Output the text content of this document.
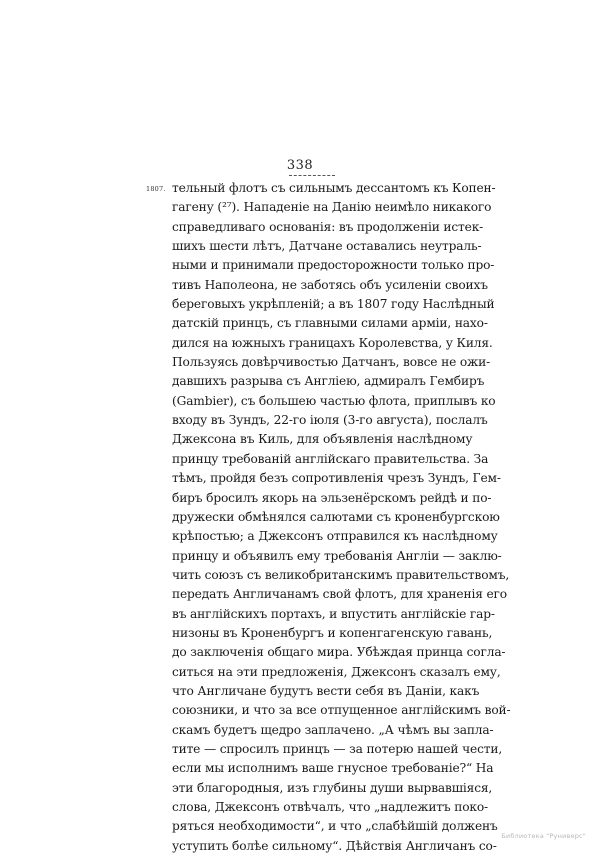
338
1807. тельный флотъ съ сильнымъ дессантомъ къ Копен-
гагену (²⁷). Нападеніе на Данію неимѣло никакого
справедливаго основанія: въ продолженіи истек-
шихъ шести лѣтъ, Датчане оставались неутраль-
ными и принимали предосторожности только про-
тивъ Наполеона, не заботясь объ усиленіи своихъ
береговыхъ укрѣпленій; а въ 1807 году Наслѣдный
датскій принцъ, съ главными силами арміи, нахо-
дился на южныхъ границахъ Королевства, у Киля.
Пользуясь довѣрчивостью Датчанъ, вовсе не ожи-
давшихъ разрыва съ Англіею, адмиралъ Гембиръ
(Gambier), съ большею частью флота, приплывъ ко
входу въ Зундъ, 22-го іюля (3-го августа), послалъ
Джексона въ Киль, для объявленія наслѣдному
принцу требованій англійскаго правительства. За
тѣмъ, пройдя безъ сопротивленія чрезъ Зундъ, Гем-
биръ бросилъ якорь на эльзенёрскомъ рейдѣ и по-
дружески обмѣнялся салютами съ кроненбургскою
крѣпостью; а Джексонъ отправился къ наслѣдному
принцу и объявилъ ему требованія Англіи — заклю-
чить союзъ съ великобританскимъ правительствомъ,
передать Англичанамъ свой флотъ, для храненія его
въ англійскихъ портахъ, и впустить англійскіе гар-
низоны въ Кроненбургъ и копенгагенскую гавань,
до заключенія общаго мира. Убѣждая принца согла-
ситься на эти предложенія, Джексонъ сказалъ ему,
что Англичане будутъ вести себя въ Даніи, какъ
союзники, и что за все отпущенное англійскимъ вой-
скамъ будетъ щедро заплачено. „А чѣмъ вы запла-
тите — спросилъ принцъ — за потерю нашей чести,
если мы исполнимъ ваше гнусное требованіе?“ На
эти благородныя, изъ глубины души вырвавшіяся,
слова, Джексонъ отвѣчалъ, что „надлежитъ поко-
ряться необходимости“, и что „слабѣйшій долженъ
уступить болѣе сильному“. Дѣйствія Англичанъ со-
Библиотека "Руниверс"
